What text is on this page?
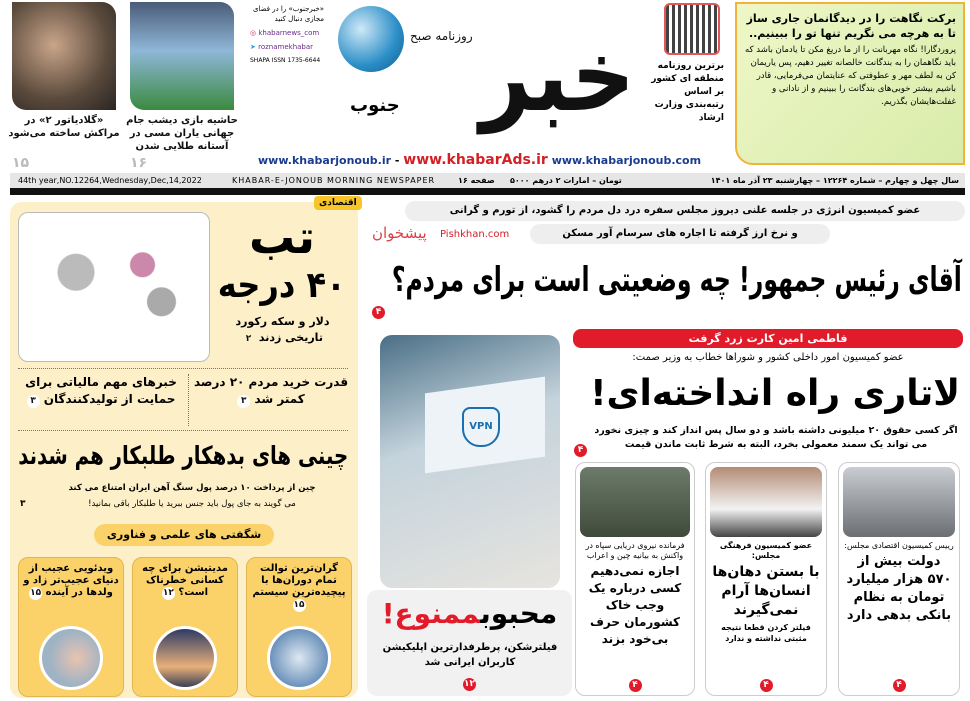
«گلادیاتور ۲» در مراکش ساخته می‌شود
۱۵
حاشیه بازی دیشب جام جهانی یاران مسی در آستانه طلایی شدن
۱۶
«خبرجنوب» را در فضای مجازی دنبال کنید
◎ khabarnews_com
➤ roznamekhabar
SHAPA ISSN 1735-6644
روزنامه صبح
جنوب خبر	برترین روزنامه منطقه ای کشور بر اساس رتبه‌بندی وزارت ارشاد
برکت نگاهت را در دیدگانمان جاری ساز
تا به هرچه می نگریم تنها تو را ببینیم..
پروردگارا! نگاه مهربانت را از ما دریغ مکن تا یادمان باشد که باید نگاهمان را به بندگانت خالصانه تغییر دهیم، پس یاریمان کن به لطف مهر و عطوفتی که عنایتمان می‌فرمایی، قادر باشیم بیشتر خوبی‌های بندگانت را ببینیم و از نادانی و غفلت‌هایشان بگذریم.
www.khabarjonoub.ir - www.khabarAds.ir www.khabarjonoub.com
44th year,NO.12264,Wednesday,Dec,14,2022	KHABAR-E-JONOUB MORNING NEWSPAPER	۱۶ صفحه ۵۰۰۰ تومان – امارات ۲ درهم	سال چهل و چهارم – شماره ۱۲۲۶۴ – چهارشنبه ۲۳ آذر ماه ۱۴۰۱
اقتصادی
تب
۴۰ درجه
دلار و سکه رکورد تاریخی زدند ۲
قدرت خرید مردم ۲۰ درصد کمتر شد ۳
خبرهای مهم مالیاتی برای حمایت از تولیدکنندگان ۳
چینی های بدهکار طلبکار هم شدند
چین از پرداخت ۱۰ درصد پول سنگ آهن ایران امتناع می کند
می گویند به جای پول باید جنس ببرید یا طلبکار باقی بمانید!
۳
شگفتی های علمی و فناوری
گران‌ترین توالت تمام دوران‌ها با پیچیده‌ترین سیستم ۱۵
مدیتیشن برای چه کسانی خطرناک است؟ ۱۲
ویدئویی عجیب از دنیای عجیب‌تر زاد و ولدها در آینده ۱۵
عضو کمیسیون انرژی در جلسه علنی دیروز مجلس سفره درد دل مردم را گشود، از تورم و گرانی
و نرخ ارز گرفته تا اجاره های سرسام آور مسکن
پیشخوان Pishkhan.com
آقای رئیس جمهور! چه وضعیتی است برای مردم؟
۴
فاطمی امین کارت زرد گرفت
عضو کمیسیون امور داخلی کشور و شوراها خطاب به وزیر صمت:
لاتاری راه انداخته‌ای!
اگر کسی حقوق ۲۰ میلیونی داشته باشد و دو سال پس انداز کند و چیزی نخورد می تواند یک سمند معمولی بخرد، البته به شرط ثابت ماندن قیمت
۴
VPN
محبوبممنوع!
فیلترشکن، پرطرفدارترین اپلیکیشن کاربران ایرانی شد
۱۲
رییس کمیسیون اقتصادی مجلس:
دولت بیش از ۵۷۰ هزار میلیارد تومان به نظام بانکی بدهی دارد
۴
عضو کمیسیون فرهنگی مجلس:
با بستن دهان‌ها انسان‌ها آرام نمی‌گیرند
فیلتر کردن قطعا نتیجه مثبتی نداشته و ندارد
۴
فرمانده نیروی دریایی سپاه در واکنش به بیانیه چین و اعراب
اجازه نمی‌دهیم کسی درباره یک وجب خاک کشورمان حرف بی‌خود بزند
۴
